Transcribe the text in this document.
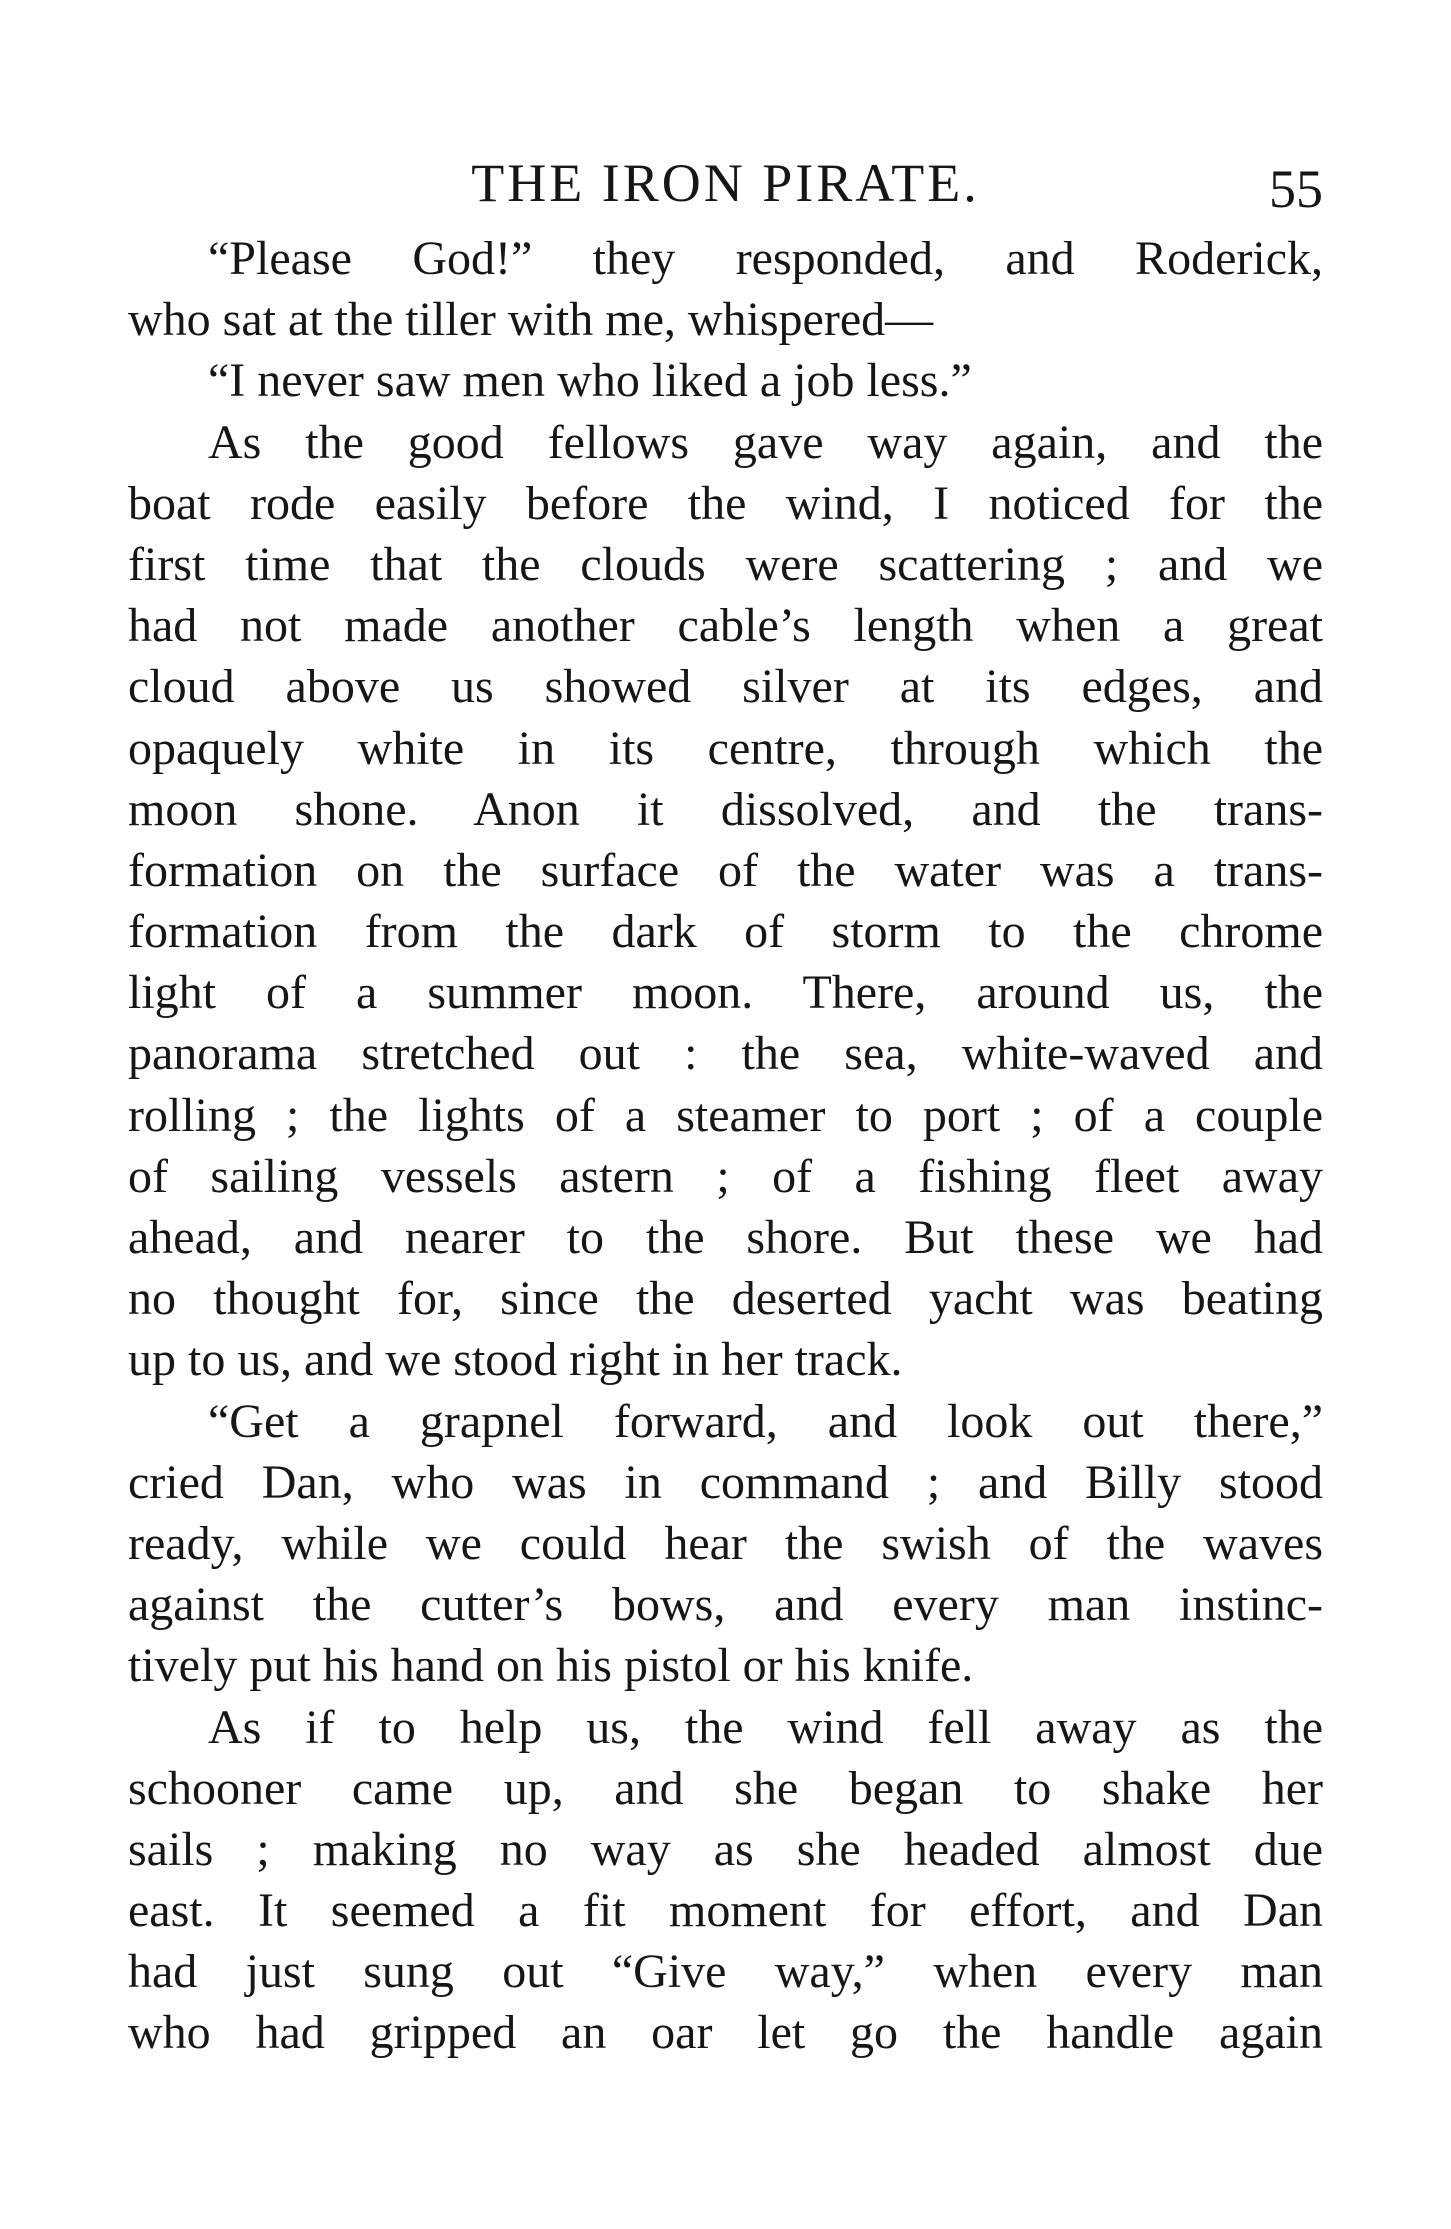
THE IRON PIRATE.	55
“Please God!” they responded, and Roderick,
who sat at the tiller with me, whispered—
“I never saw men who liked a job less.”
As the good fellows gave way again, and the
boat rode easily before the wind, I noticed for the
first time that the clouds were scattering ; and we
had not made another cable’s length when a great
cloud above us showed silver at its edges, and
opaquely white in its centre, through which the
moon shone. Anon it dissolved, and the trans-
formation on the surface of the water was a trans-
formation from the dark of storm to the chrome
light of a summer moon. There, around us, the
panorama stretched out : the sea, white-waved and
rolling ; the lights of a steamer to port ; of a couple
of sailing vessels astern ; of a fishing fleet away
ahead, and nearer to the shore. But these we had
no thought for, since the deserted yacht was beating
up to us, and we stood right in her track.
“Get a grapnel forward, and look out there,”
cried Dan, who was in command ; and Billy stood
ready, while we could hear the swish of the waves
against the cutter’s bows, and every man instinc-
tively put his hand on his pistol or his knife.
As if to help us, the wind fell away as the
schooner came up, and she began to shake her
sails ; making no way as she headed almost due
east. It seemed a fit moment for effort, and Dan
had just sung out “Give way,” when every man
who had gripped an oar let go the handle again
